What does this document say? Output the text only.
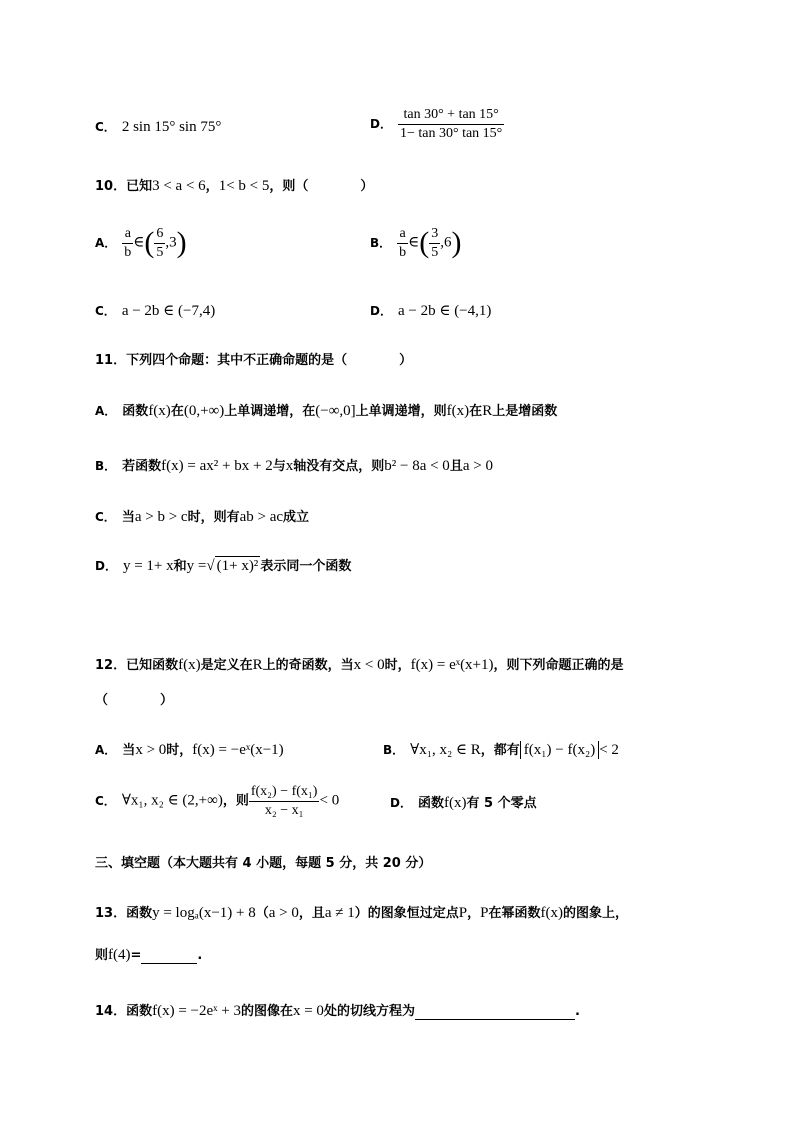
C． 2 sin 15° sin 75°	D． $\frac{\tan 30^\circ + \tan 15^\circ}{1- \tan 30^\circ \tan 15^\circ}$
10．已知3 < a < 6，1< b < 5，则（　　　　）
A． $\frac{a}{b}$ ∈( $\frac{6}{5} ,3$)	B． $\frac{a}{b}$ ∈( $\frac{3}{5} ,6$)
C． a − 2b ∈ (−7,4)	D． a − 2b ∈ (−4,1)
11．下列四个命题：其中不正确命题的是（　　　　）
A． 函数f(x)在(0,+∞)上单调递增，在(−∞,0]上单调递增，则f(x)在R上是增函数
B． 若函数f(x) = ax² + bx + 2与x轴没有交点，则b² − 8a < 0且a > 0
C． 当a > b > c时，则有ab > ac成立
D． y = 1+ x和y =√ (1+ x)² 表示同一个函数
12．已知函数f(x)是定义在R上的奇函数，当x < 0时，f(x) = eˣ(x+1)，则下列命题正确的是
（　　　　）
A． 当x > 0时，f(x) = −eˣ(x−1)	B． ∀x₁, x₂ ∈ R，都有 f(x₁) − f(x₂) < 2
C． ∀x₁, x₂ ∈ (2,+∞)，则 $\frac{\text{f(x₂) − f(x₁)}}{\text{x₂ − x₁}} < 0$	D． 函数f(x)有 5 个零点
三、填空题（本大题共有 4 小题，每题 5 分，共 20 分）
13．函数y = logₐ(x−1) + 8（a > 0，且a ≠ 1）的图象恒过定点P，P在幂函数f(x)的图象上，
则f(4)=	.
14．函数f(x) = −2eˣ + 3的图像在x = 0处的切线方程为	.
